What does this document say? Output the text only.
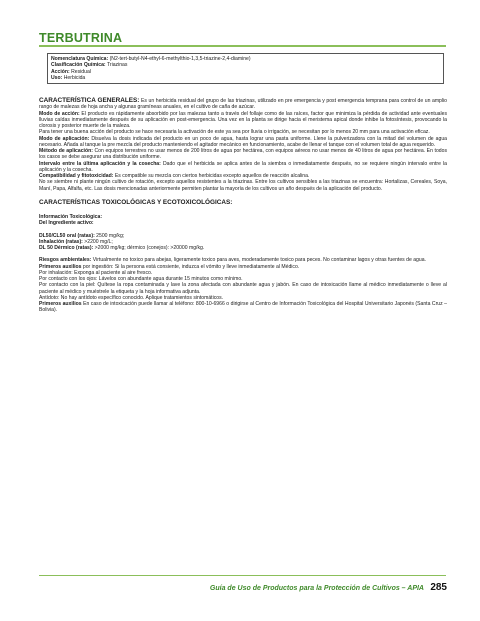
TERBUTRINA
Nomenclatura Química: (N2-tert-butyl-N4-ethyl-6-methylthio-1,3,5-triazine-2,4-diamine)
Clasificación Química: Triazinas
Acción: Residual
Uso: Herbicida

CARACTERÍSTICA GENERALES: Es un herbicida residual del grupo de las triazinas, utilizado en pre emergencia y post emergencia temprana para control de un amplio rango de malezas de hoja ancha y algunas gramíneas anuales, en el cultivo de caña de azúcar.

Modo de acción: El producto es rápidamente absorbido por las malezas tanto a través del follaje como de las raíces, factor que minimiza la pérdida de actividad ante eventuales lluvias caídas inmediatamente después de su aplicación en post-emergencia. Una vez en la planta se dirige hacia el meristema apical donde inhibe la fotosíntesis, provocando la clorosis y posterior muerte de la maleza.

Para tener una buena acción del producto se hace necesaria la activación de este ya sea por lluvia o irrigación, se necesitan por lo menos 20 mm para una activación eficaz.

Modo de aplicación: Disuelva la dosis indicada del producto en un poco de agua, hasta lograr una pasta uniforme. Llene la pulverizadora con la mitad del volumen de agua necesario. Añada al tanque la pre mezcla del producto manteniendo el agitador mecánico en funcionamiento, acabe de llenar el tanque con el volumen total de agua requerido.

Método de aplicación: Con equipos terrestres no usar menos de 200 litros de agua por hectárea, con equipos aéreos no usar menos de 40 litros de agua por hectárea. En todos los casos se debe asegurar una distribución uniforme.

Intervalo entre la última aplicación y la cosecha: Dado que el herbicida se aplica antes de la siembra o inmediatamente después, no se requiere ningún intervalo entre la aplicación y la cosecha.

Compatibilidad y fitotoxicidad: Es compatible su mezcla con ciertos herbicidas excepto aquellos de reacción alcalina.

No se siembre ni plante ningún cultivo de rotación, excepto aquellos resistentes a la triazinas. Entre los cultivos sensibles a las triazinas se encuentra: Hortalizas, Cereales, Soya, Maní, Papa, Alfalfa, etc. Las dosis mencionadas anteriormente permiten plantar la mayoría de los cultivos un año después de la aplicación del producto.

CARACTERÍSTICAS TOXICOLÓGICAS Y ECOTOXICOLÓGICAS:

Información Toxicológica:

Del Ingrediente activo:

DL50/CL50 oral (ratas): 2500 mg/kg;

Inhalación (ratas): >2200 mg/L;

DL 50 Dérmico (ratas): >2000 mg/kg; dérmico (conejos): >20000 mg/kg.

Riesgos ambientales: Virtualmente no toxico para abejas, ligeramente toxico para aves, moderadamente toxico para peces. No contaminar lagos y otras fuentes de agua.

Primeros auxilios por ingestión: Si la persona está consiente, induzca el vómito y lleve inmediatamente al Médico.

Por inhalación: Exponga al paciente al aire fresco.

Por contacto con los ojos: Lávelos con abundante agua durante 15 minutos como mínimo.

Por contacto con la piel: Quítese la ropa contaminada y lave la zona afectada con abundante agua y jabón. En caso de intoxicación llame al médico inmediatamente o lleve al paciente al médico y muéstrele la etiqueta y la hoja informativa adjunta.

Antídoto: No hay antídoto específico conocido. Aplique tratamientos sintomáticos.

Primeros auxilios En caso de intoxicación puede llamar al teléfono: 800-10-6966 o dirigirse al Centro de Información Toxicológica del Hospital Universitario Japonés (Santa Cruz – Bolivia).

Guía de Uso de Productos para la Protección de Cultivos – APIA 285
